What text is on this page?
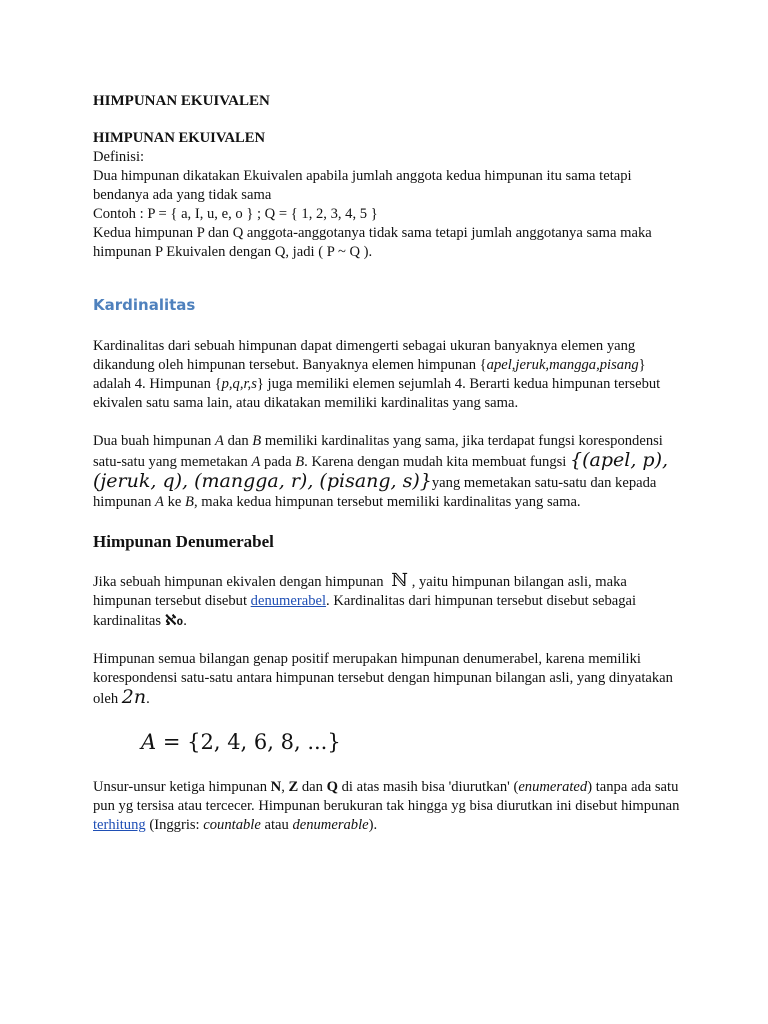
HIMPUNAN EKUIVALEN

HIMPUNAN EKUIVALEN

Definisi:

Dua himpunan dikatakan Ekuivalen apabila jumlah anggota kedua himpunan itu sama tetapi bendanya ada yang tidak sama

Contoh : P = { a, I, u, e, o } ; Q = { 1, 2, 3, 4, 5 }

Kedua himpunan P dan Q anggota-anggotanya tidak sama tetapi jumlah anggotanya sama maka himpunan P Ekuivalen dengan Q, jadi ( P ~ Q ).

Kardinalitas

Kardinalitas dari sebuah himpunan dapat dimengerti sebagai ukuran banyaknya elemen yang dikandung oleh himpunan tersebut. Banyaknya elemen himpunan {apel,jeruk,mangga,pisang} adalah 4. Himpunan {p,q,r,s} juga memiliki elemen sejumlah 4. Berarti kedua himpunan tersebut ekivalen satu sama lain, atau dikatakan memiliki kardinalitas yang sama.

Dua buah himpunan A dan B memiliki kardinalitas yang sama, jika terdapat fungsi korespondensi satu-satu yang memetakan A pada B. Karena dengan mudah kita membuat fungsi {(apel, p), (jeruk, q), (mangga, r), (pisang, s)}yang memetakan satu-satu dan kepada himpunan A ke B, maka kedua himpunan tersebut memiliki kardinalitas yang sama.

Himpunan Denumerabel

Jika sebuah himpunan ekivalen dengan himpunan ℕ , yaitu himpunan bilangan asli, maka himpunan tersebut disebut denumerabel. Kardinalitas dari himpunan tersebut disebut sebagai kardinalitas ℵ₀.

Himpunan semua bilangan genap positif merupakan himpunan denumerabel, karena memiliki korespondensi satu-satu antara himpunan tersebut dengan himpunan bilangan asli, yang dinyatakan oleh 2n.

A = {2, 4, 6, 8, ...}

Unsur-unsur ketiga himpunan N, Z dan Q di atas masih bisa 'diurutkan' (enumerated) tanpa ada satu pun yg tersisa atau tercecer. Himpunan berukuran tak hingga yg bisa diurutkan ini disebut himpunan terhitung (Inggris: countable atau denumerable).
